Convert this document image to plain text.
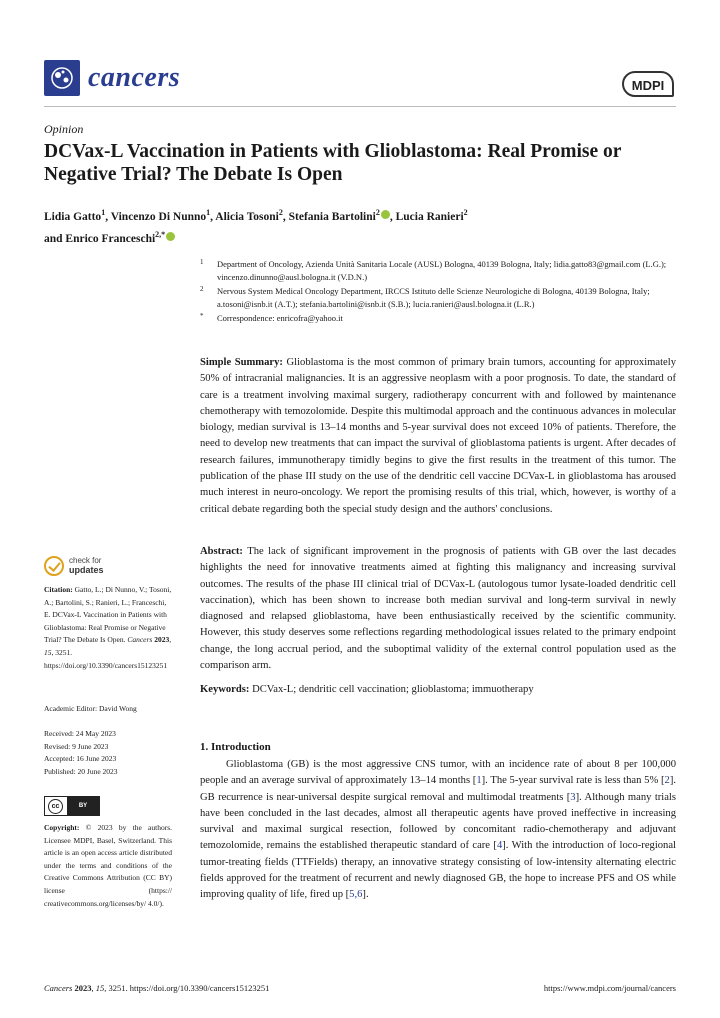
cancers	MDPI
Opinion
DCVax-L Vaccination in Patients with Glioblastoma: Real Promise or Negative Trial? The Debate Is Open
Lidia Gatto$^1$, Vincenzo Di Nunno$^1$, Alicia Tosoni$^2$, Stefania Bartolini$^2$ , Lucia Ranieri$^2$
and Enrico Franceschi$^{2,*}$
1 Department of Oncology, Azienda Unità Sanitaria Locale (AUSL) Bologna, 40139 Bologna, Italy; lidia.gatto83@gmail.com (L.G.); vincenzo.dinunno@ausl.bologna.it (V.D.N.)
2 Nervous System Medical Oncology Department, IRCCS Istituto delle Scienze Neurologiche di Bologna, 40139 Bologna, Italy; a.tosoni@isnb.it (A.T.); stefania.bartolini@isnb.it (S.B.); lucia.ranieri@ausl.bologna.it (L.R.)
* Correspondence: enricofra@yahoo.it
Simple Summary: Glioblastoma is the most common of primary brain tumors, accounting for approximately 50% of intracranial malignancies. It is an aggressive neoplasm with a poor prognosis. To date, the standard of care is a treatment involving maximal surgery, radiotherapy concurrent with and followed by maintenance chemotherapy with temozolomide. Despite this multimodal approach and the continuous advances in molecular biology, median survival is 13–14 months and 5-year survival does not exceed 10% of patients. Therefore, the need to develop new treatments that can impact the survival of glioblastoma patients is urgent. After decades of research failures, immunotherapy timidly begins to give the first results in the treatment of this tumor. The publication of the phase III study on the use of the dendritic cell vaccine DCVax-L in glioblastoma has aroused much interest in neuro-oncology. We report the promising results of this trial, which, however, is worthy of a critical debate regarding both the special study design and the authors' conclusions.
Abstract: The lack of significant improvement in the prognosis of patients with GB over the last decades highlights the need for innovative treatments aimed at fighting this malignancy and increasing survival outcomes. The results of the phase III clinical trial of DCVax-L (autologous tumor lysate-loaded dendritic cell vaccination), which has been shown to increase both median survival and long-term survival in newly diagnosed and relapsed glioblastoma, have been enthusiastically received by the scientific community. However, this study deserves some reflections regarding methodological issues related to the primary endpoint change, the long accrual period, and the suboptimal validity of the external control population used as the comparison arm.
Keywords: DCVax-L; dendritic cell vaccination; glioblastoma; immuotherapy
1. Introduction
Glioblastoma (GB) is the most aggressive CNS tumor, with an incidence rate of about 8 per 100,000 people and an average survival of approximately 13–14 months [1]. The 5-year survival rate is less than 5% [2]. GB recurrence is near-universal despite surgical removal and multimodal treatments [3]. Although many trials have been concluded in the last decades, almost all therapeutic agents have proved ineffective in increasing survival and maximal surgical resection, followed by concomitant radio-chemotherapy and adjuvant temozolomide, remains the established therapeutic standard of care [4]. With the introduction of loco-regional tumor-treating fields (TTFields) therapy, an innovative strategy consisting of low-intensity alternating electric fields approved for the treatment of recurrent and newly diagnosed GB, the hope to increase PFS and OS while improving quality of life, fired up [5,6].
check for
updates
Citation: Gatto, L.; Di Nunno, V.; Tosoni, A.; Bartolini, S.; Ranieri, L.; Franceschi, E. DCVax-L Vaccination in Patients with Glioblastoma: Real Promise or Negative Trial? The Debate Is Open. Cancers 2023, 15, 3251. https://doi.org/10.3390/cancers15123251
Academic Editor: David Wong
Received: 24 May 2023
Revised: 9 June 2023
Accepted: 16 June 2023
Published: 20 June 2023
cc	BY
Copyright: © 2023 by the authors. Licensee MDPI, Basel, Switzerland. This article is an open access article distributed under the terms and conditions of the Creative Commons Attribution (CC BY) license (https:// creativecommons.org/licenses/by/ 4.0/).
Cancers 2023, 15, 3251. https://doi.org/10.3390/cancers15123251	https://www.mdpi.com/journal/cancers
